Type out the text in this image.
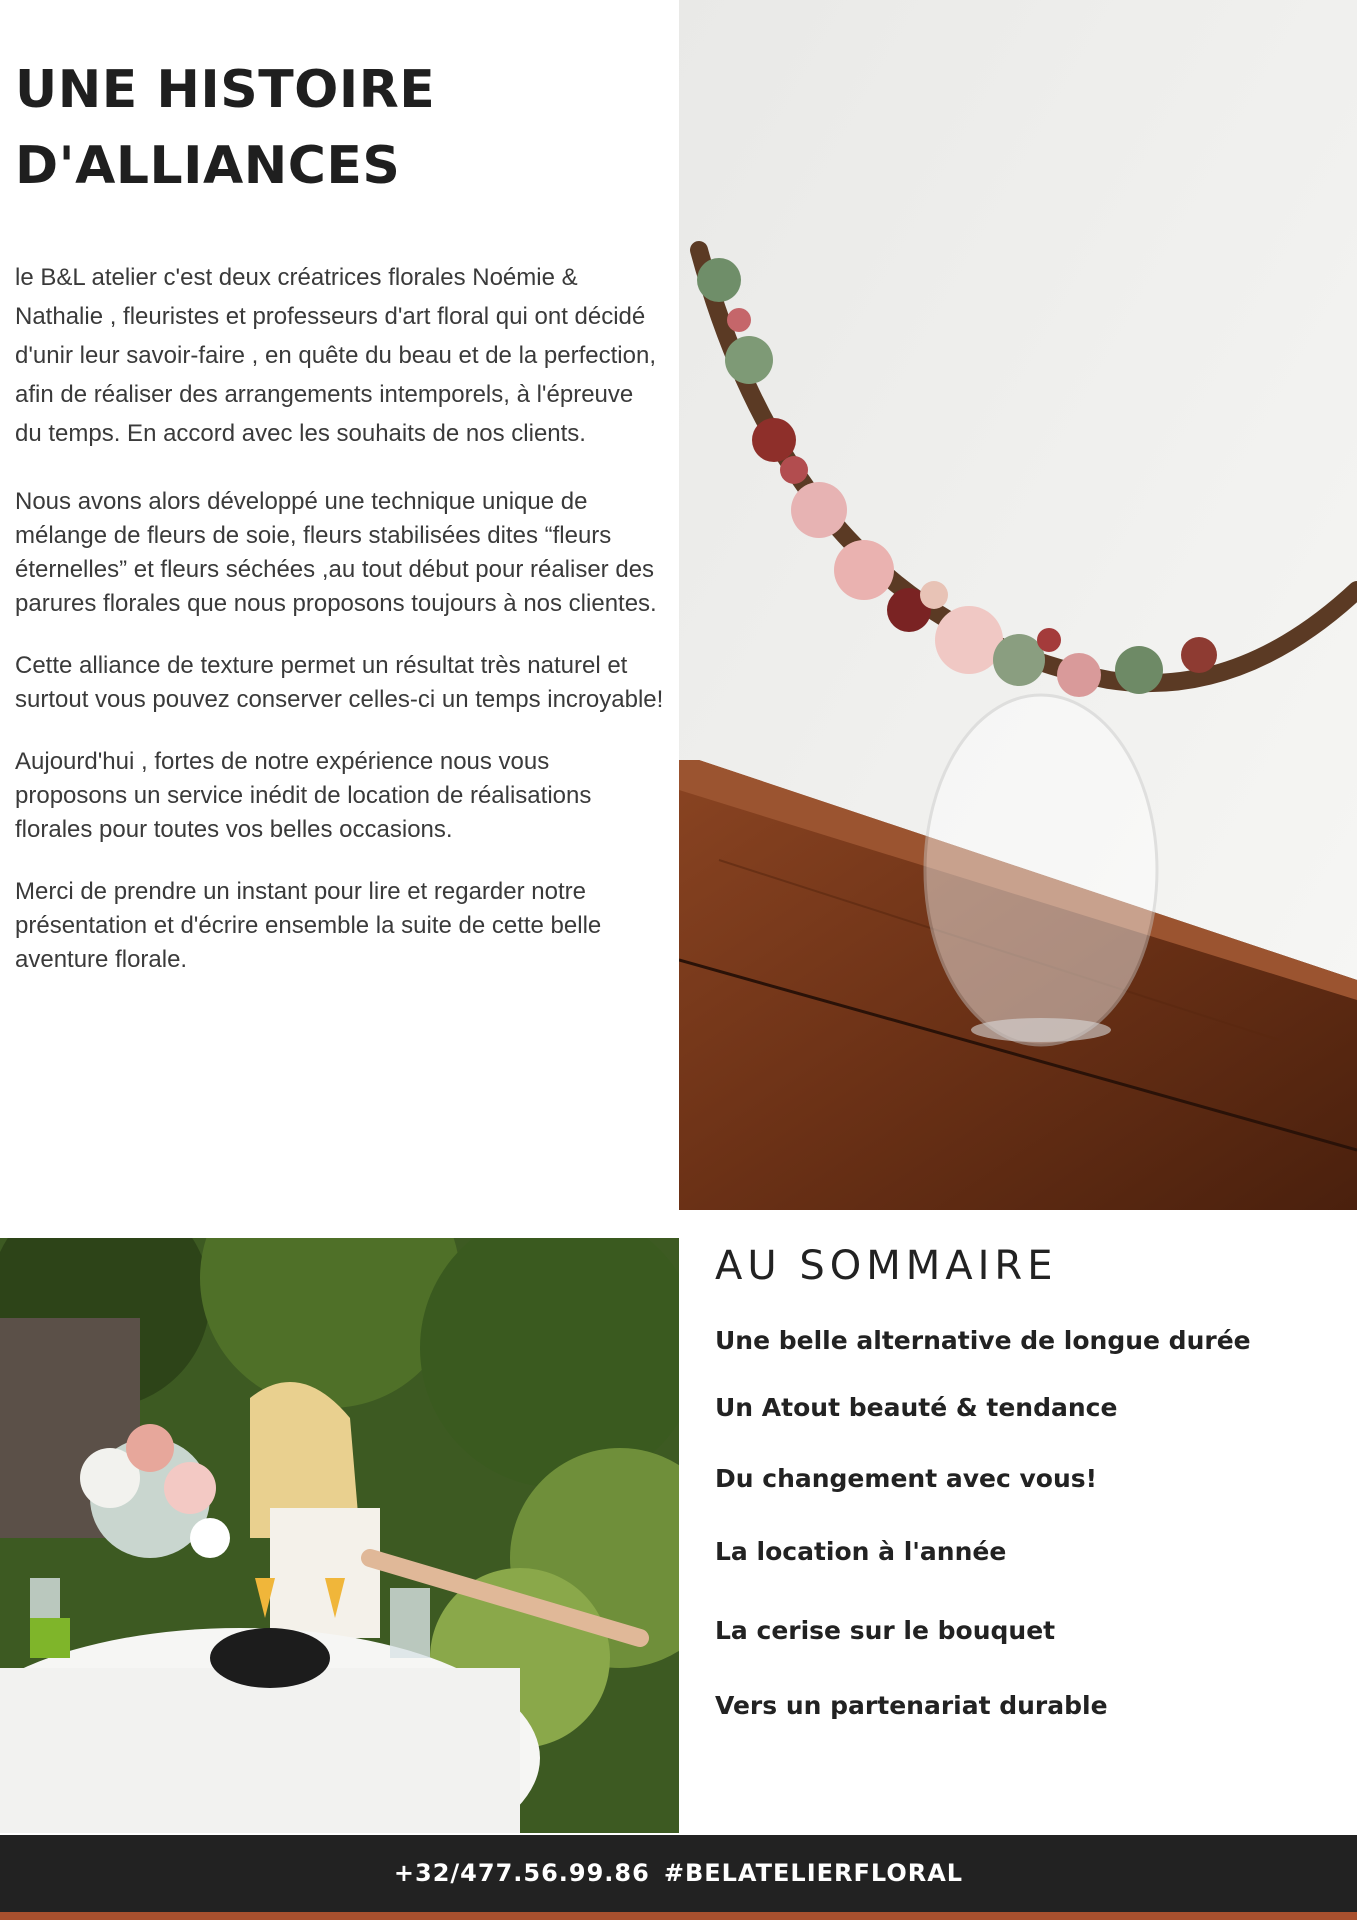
UNE HISTOIRE
D'ALLIANCES

le B&L atelier c'est deux créatrices florales Noémie & Nathalie , fleuristes et professeurs d'art floral qui ont décidé d'unir leur savoir-faire , en quête du beau et de la perfection, afin de réaliser des arrangements intemporels, à l'épreuve du temps. En accord avec les souhaits de nos clients.

Nous avons alors développé une technique unique de mélange de fleurs de soie, fleurs stabilisées dites “fleurs éternelles” et fleurs séchées ,au tout début pour réaliser des parures florales que nous proposons toujours à nos clientes.

Cette alliance de texture permet un résultat très naturel et surtout vous pouvez conserver celles-ci un temps incroyable!

Aujourd'hui , fortes de notre expérience nous vous proposons un service inédit de location de réalisations florales pour toutes vos belles occasions.

Merci de prendre un instant pour lire et regarder notre présentation et d'écrire ensemble la suite de cette belle aventure florale.

AU SOMMAIRE

Une belle alternative de longue durée

Un Atout beauté & tendance

Du changement avec vous!

La location à l'année

La cerise sur le bouquet

Vers un partenariat durable

+32/477.56.99.86 #BELATELIERFLORAL
